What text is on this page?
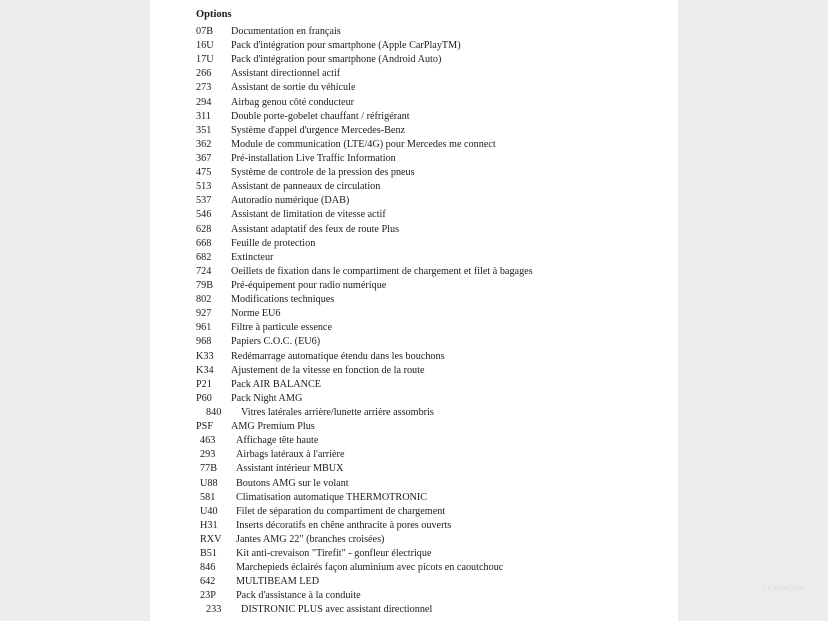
Options
07B Documentation en français
16U Pack d'intégration pour smartphone (Apple CarPlayTM)
17U Pack d'intégration pour smartphone (Android Auto)
266 Assistant directionnel actif
273 Assistant de sortie du véhicule
294 Airbag genou côté conducteur
311 Double porte-gobelet chauffant / réfrigérant
351 Système d'appel d'urgence Mercedes-Benz
362 Module de communication (LTE/4G) pour Mercedes me connect
367 Pré-installation Live Traffic Information
475 Système de controle de la pression des pneus
513 Assistant de panneaux de circulation
537 Autoradio numérique (DAB)
546 Assistant de limitation de vitesse actif
628 Assistant adaptatif des feux de route Plus
668 Feuille de protection
682 Extincteur
724 Oeillets de fixation dans le compartiment de chargement et filet à bagages
79B Pré-équipement pour radio numérique
802 Modifications techniques
927 Norme EU6
961 Filtre à particule essence
968 Papiers C.O.C. (EU6)
K33 Redémarrage automatique étendu dans les bouchons
K34 Ajustement de la vitesse en fonction de la route
P21 Pack AIR BALANCE
P60 Pack Night AMG
840 Vitres latérales arrière/lunette arrière assombris
PSF AMG Premium Plus
463 Affichage tête haute
293 Airbags latéraux à l'arrière
77B Assistant intérieur MBUX
U88 Boutons AMG sur le volant
581 Climatisation automatique THERMOTRONIC
U40 Filet de séparation du compartiment de chargement
H31 Inserts décoratifs en chêne anthracite à pores ouverts
RXV Jantes AMG 22" (branches croisées)
B51 Kit anti-crevaison "Tirefit" - gonfleur électrique
846 Marchepieds éclairés façon aluminium avec picots en caoutchouc
642 MULTIBEAM LED
23P Pack d'assistance à la conduite
233 DISTRONIC PLUS avec assistant directionnel
LEBONCOIN
